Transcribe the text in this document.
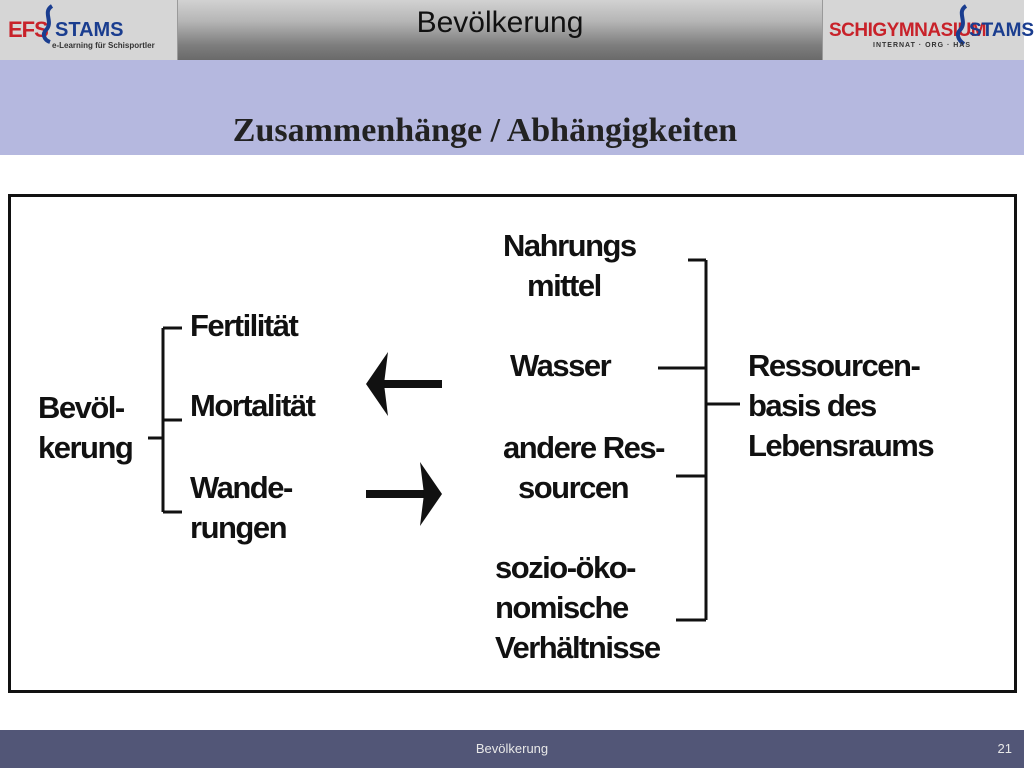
EFS STAMS
e-Learning für Schisportler
Bevölkerung	SCHIGYMNASIUM
STAMS
INTERNAT · ORG · HAS
Zusammenhänge / Abhängigkeiten
Bevöl-
kerung
Fertilität
Mortalität
Wande-
rungen
Nahrungs
mittel
Wasser
andere Res-
sourcen
sozio-öko-
nomische
Verhältnisse
Ressourcen-
basis des
Lebensraums
Bevölkerung	21
